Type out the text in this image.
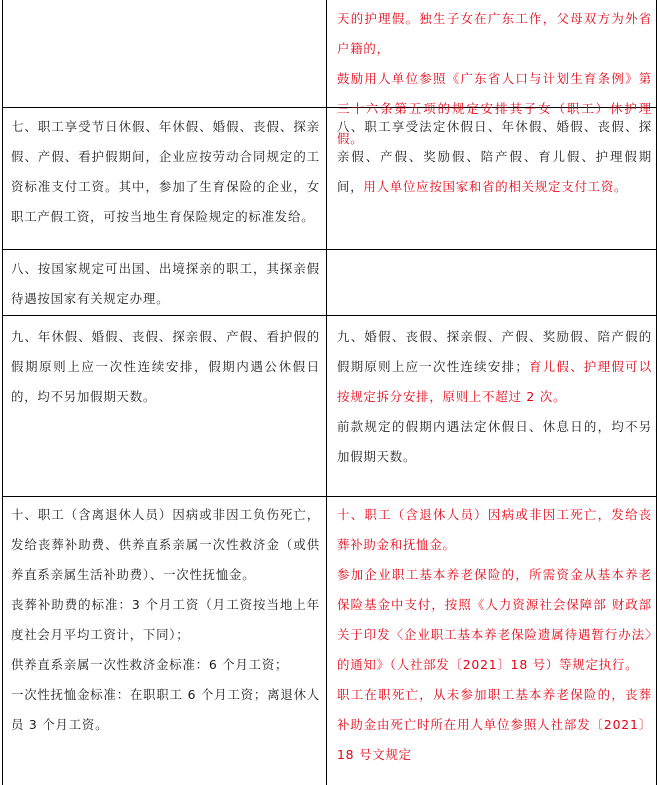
天的护理假。独生子女在广东工作，父母双方为外省户籍的，

鼓励用人单位参照《广东省人口与计划生育条例》第三十六条第五项的规定安排其子女（职工）休护理假。

七、职工享受节日休假、年休假、婚假、丧假、探亲假、产假、看护假期间，企业应按劳动合同规定的工资标准支付工资。其中，参加了生育保险的企业，女职工产假工资，可按当地生育保险规定的标准发给。

八、职工享受法定休假日、年休假、婚假、丧假、探亲假、产假、奖励假、陪产假、育儿假、护理假期间，用人单位应按国家和省的相关规定支付工资。

八、按国家规定可出国、出境探亲的职工，其探亲假待遇按国家有关规定办理。

九、年休假、婚假、丧假、探亲假、产假、看护假的假期原则上应一次性连续安排，假期内遇公休假日的，均不另加假期天数。

九、婚假、丧假、探亲假、产假、奖励假、陪产假的假期原则上应一次性连续安排；育儿假、护理假可以按规定拆分安排，原则上不超过 2 次。

前款规定的假期内遇法定休假日、休息日的，均不另加假期天数。

十、职工（含离退休人员）因病或非因工负伤死亡，发给丧葬补助费、供养直系亲属一次性救济金（或供养直系亲属生活补助费）、一次性抚恤金。

丧葬补助费的标准：3 个月工资（月工资按当地上年度社会月平均工资计，下同）；

供养直系亲属一次性救济金标准：6 个月工资；

一次性抚恤金标准：在职职工 6 个月工资；离退休人员 3 个月工资。

十、职工（含退休人员）因病或非因工死亡，发给丧葬补助金和抚恤金。

参加企业职工基本养老保险的，所需资金从基本养老保险基金中支付，按照《人力资源社会保障部 财政部关于印发〈企业职工基本养老保险遗属待遇暂行办法〉的通知》（人社部发〔2021〕18 号）等规定执行。

职工在职死亡，从未参加职工基本养老保险的，丧葬补助金由死亡时所在用人单位参照人社部发〔2021〕18 号文规定
